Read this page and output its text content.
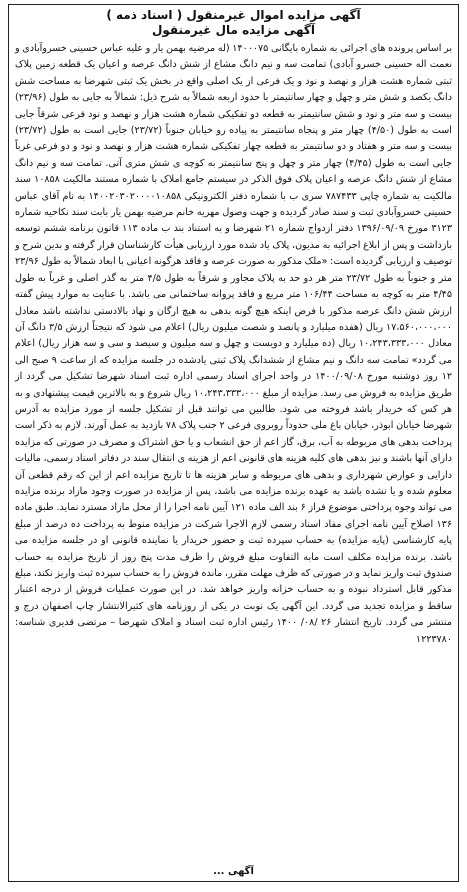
آگهی مزایده اموال غیرمنقول ( اسناد ذمه )

آگهی مزایده مال غیرمنقول

بر اساس پرونده های اجرائی به شماره بایگانی ۱۴۰۰۰۷۵ (له مرضیه بهمن یار و علیه عباس حسینی خسروآبادی و نعمت اله حسینی خسرو آبادی) تمامت سه و نیم دانگ مشاع از شش دانگ عرصه و اعیان یک قطعه زمین پلاک ثبتی شماره هشت هزار و نهصد و نود و یک فرعی از یک اصلی واقع در بخش یک ثبتی شهرضا به مساحت شش دانگ یکصد و شش متر و چهل و چهار سانتیمتر با حدود اربعه شمالاً به شرح ذیل: شمالاً به جایی به طول (۲۳/۹۶) بیست و سه متر و نود و شش سانتیمتر به قطعه دو تفکیکی شماره هشت هزار و نهصد و نود فرعی شرقاً جایی است به طول (۴/۵۰) چهار متر و پنجاه سانتیمتر به پیاده رو خیابان جنوباً (۲۳/۷۲) جایی است به طول (۲۳/۷۲) بیست و سه متر و هفتاد و دو سانتیمتر به قطعه چهار تفکیکی شماره هشت هزار و نهصد و نود و دو فرعی غرباً جایی است به طول (۴/۴۵) چهار متر و چهل و پنج سانتیمتر به کوچه ی شش متری آتی. تمامت سه و نیم دانگ مشاع از شش دانگ عرصه و اعیان پلاک فوق الذکر در سیستم جامع املاک با شماره مستند مالکیت ۱۰۸۵۸ سند مالکیت به شماره چاپی ۷۸۷۴۳۳ سری ب با شماره دفتر الکترونیکی ۱۴۰۰۲۰۳۰۲۰۰۰۰۱۰۸۵۸ به نام آقای عباس حسینی خسروآبادی ثبت و سند صادر گردیده و جهت وصول مهریه خانم مرضیه بهمن یار بابت سند نکاحیه شماره ۳۱۲۳ مورخ ۱۳۹۶/۰۹/۰۹ دفتر ازدواج شماره ۲۱ شهرضا و به استناد بند ب ماده ۱۱۳ قانون برنامه ششم توسعه بازداشت و پس از ابلاغ اجرائیه به مدیون، پلاک یاد شده مورد ارزیابی هیأت کارشناسان قرار گرفته و بدین شرح و توصیف و ارزیابی گردیده است: «ملک مذکور به صورت عرصه و فاقد هرگونه اعیانی با ابعاد شمالاً به طول ۲۳/۹۶ متر و جنوباً به طول ۲۳/۷۲ متر هر دو حد به پلاک مجاور و شرقاً به طول ۴/۵ متر به گذر اصلی و غرباً به طول ۴/۴۵ متر به کوچه به مساحت ۱۰۶/۴۴ متر مربع و فاقد پروانه ساختمانی می باشد. با عنایت به موارد پیش گفته ارزش شش دانگ عرصه مذکور با فرض اینکه هیچ گونه بدهی به هیچ ارگان و نهاد بالادستی نداشته باشد معادل ۱۷،۵۶۰،۰۰۰،۰۰۰ ریال (هفده میلیارد و پانصد و شصت میلیون ریال) اعلام می شود که نتیجتاً ارزش ۳/۵ دانگ آن معادل ۱۰،۲۴۳،۳۳۳،۰۰۰ ریال (ده میلیارد و دویست و چهل و سه میلیون و سیصد و سی و سه هزار ریال) اعلام می گردد» تمامت سه دانگ و نیم مشاع از ششدانگ پلاک ثبتی یادشده در جلسه مزایده که از ساعت ۹ صبح الی ۱۲ روز دوشنبه مورخ ۱۴۰۰/۰۹/۰۸ در واحد اجرای اسناد رسمی اداره ثبت اسناد شهرضا تشکیل می گردد از طریق مزایده به فروش می رسد. مزایده از مبلغ ۱۰،۲۴۳،۳۳۳،۰۰۰ ریال شروع و به بالاترین قیمت پیشنهادی و به هر کس که خریدار باشد فروخته می شود. طالبین می توانند قبل از تشکیل جلسه از مورد مزایده به آدرس شهرضا خیابان ابوذر، خیابان باغ ملی حدوداً روبروی فرعی ۲ جنب پلاک ۷۸ بازدید به عمل آورند. لازم به ذکر است پرداخت بدهی های مربوطه به آب، برق، گاز اعم از حق انشعاب و یا حق اشتراک و مصرف در صورتی که مزایده دارای آنها باشند و نیز بدهی های کلیه هزینه های قانونی اعم از هزینه ی انتقال سند در دفاتر اسناد رسمی، مالیات دارایی و عوارض شهرداری و بدهی های مربوطه و سایر هزینه ها تا تاریخ مزایده اعم از این که رقم قطعی آن معلوم شده و یا نشده باشد به عهده برنده مزایده می باشد، پس از مزایده در صورت وجود مازاد برنده مزایده می تواند وجوه پرداختی موضوع فراز ۶ بند الف ماده ۱۲۱ آیین نامه اجرا را از محل مازاد مسترد نماید. طبق ماده ۱۳۶ اصلاح آیین نامه اجرای مفاد اسناد رسمی لازم الاجرا شرکت در مزایده منوط به پرداخت ده درصد از مبلغ پایه کارشناسی (پایه مزایده) به حساب سپرده ثبت و حضور خریدار یا نماینده قانونی او در جلسه مزایده می باشد. برنده مزایده مکلف است مابه التفاوت مبلغ فروش را ظرف مدت پنج روز از تاریخ مزایده به حساب صندوق ثبت واریز نماید و در صورتی که ظرف مهلت مقرر، مانده فروش را به حساب سپرده ثبت واریز نکند، مبلغ مذکور قابل استرداد نبوده و به حساب خزانه واریز خواهد شد. در این صورت عملیات فروش از درجه اعتبار ساقط و مزایده تجدید می گردد. این آگهی یک نوبت در یکی از روزنامه های کثیرالانتشار چاپ اصفهان درج و منتشر می گردد. تاریخ انتشار ۲۶ /۰۸/ ۱۴۰۰ رئیس اداره ثبت اسناد و املاک شهرضا – مرتضی قدیری شناسه: ۱۲۲۳۷۸۰

آگهی ...
